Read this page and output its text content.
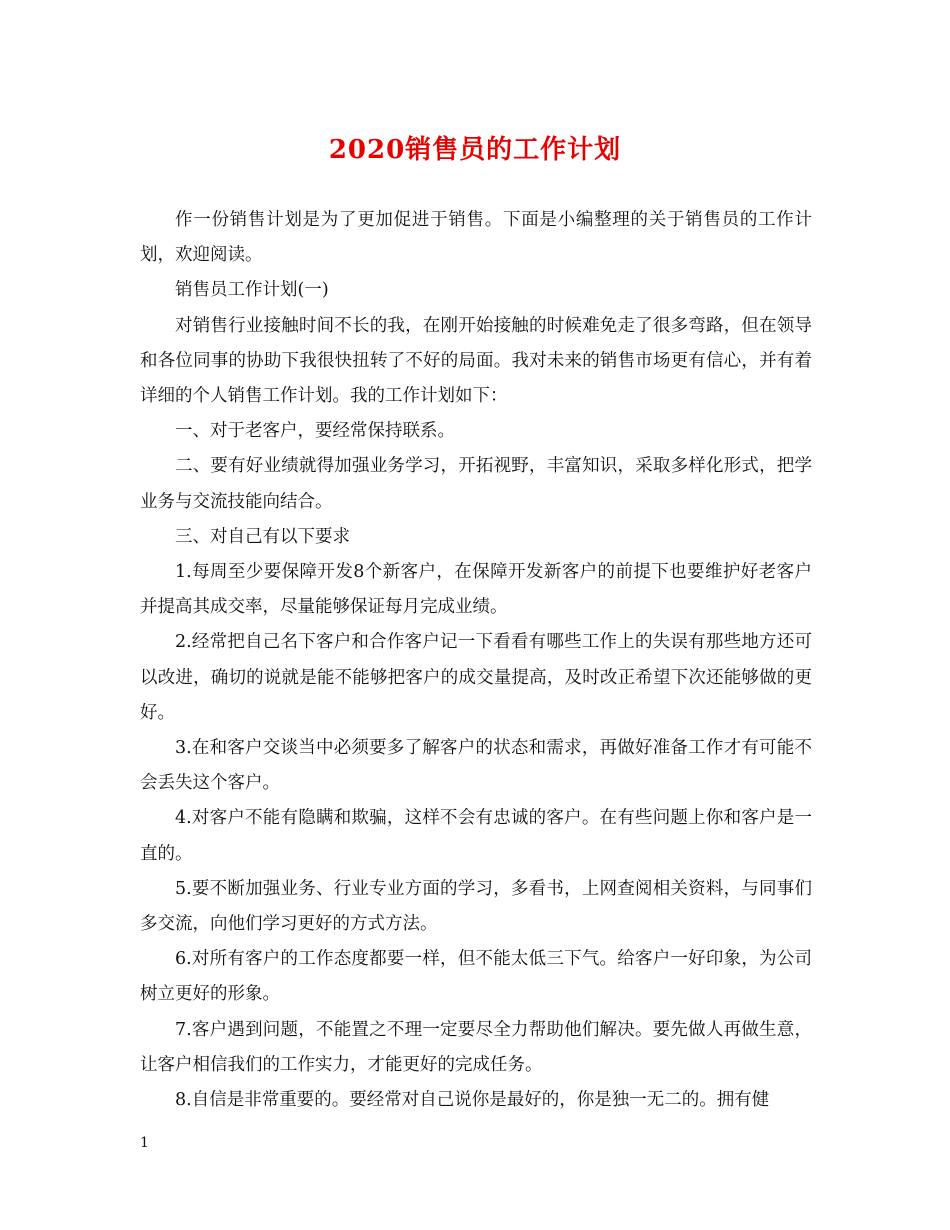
2020销售员的工作计划

作一份销售计划是为了更加促进于销售。下面是小编整理的关于销售员的工作计划，欢迎阅读。

销售员工作计划(一)

对销售行业接触时间不长的我，在刚开始接触的时候难免走了很多弯路，但在领导和各位同事的协助下我很快扭转了不好的局面。我对未来的销售市场更有信心，并有着详细的个人销售工作计划。我的工作计划如下：

一、对于老客户，要经常保持联系。

二、要有好业绩就得加强业务学习，开拓视野，丰富知识，采取多样化形式，把学业务与交流技能向结合。

三、对自己有以下要求

1.每周至少要保障开发8个新客户，在保障开发新客户的前提下也要维护好老客户并提高其成交率，尽量能够保证每月完成业绩。

2.经常把自己名下客户和合作客户记一下看看有哪些工作上的失误有那些地方还可以改进，确切的说就是能不能够把客户的成交量提高，及时改正希望下次还能够做的更好。

3.在和客户交谈当中必须要多了解客户的状态和需求，再做好准备工作才有可能不会丢失这个客户。

4.对客户不能有隐瞒和欺骗，这样不会有忠诚的客户。在有些问题上你和客户是一直的。

5.要不断加强业务、行业专业方面的学习，多看书，上网查阅相关资料，与同事们多交流，向他们学习更好的方式方法。

6.对所有客户的工作态度都要一样，但不能太低三下气。给客户一好印象，为公司树立更好的形象。

7.客户遇到问题，不能置之不理一定要尽全力帮助他们解决。要先做人再做生意，让客户相信我们的工作实力，才能更好的完成任务。

8.自信是非常重要的。要经常对自己说你是最好的，你是独一无二的。拥有健

1
